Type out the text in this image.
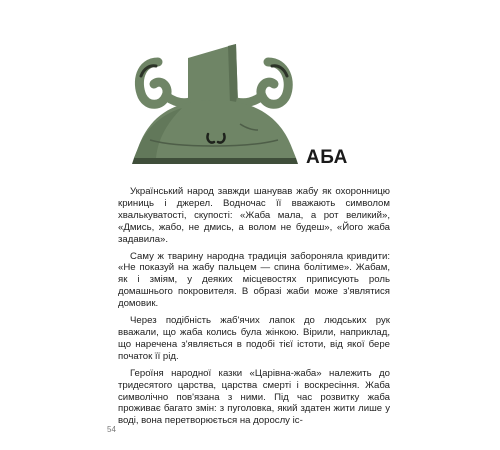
АБА

Український народ завжди шанував жабу як охоронницю криниць і джерел. Водночас її вважають символом хвалькуватості, скупості: «Жаба мала, а рот великий», «Дмись, жабо, не дмись, а волом не будеш», «Його жаба задавила».

Саму ж тварину народна традиція забороняла кривдити: «Не показуй на жабу пальцем — спина болітиме». Жабам, як і зміям, у деяких місцевостях приписують роль домашнього покровителя. В образі жаби може з'являтися домовик.

Через подібність жаб'ячих лапок до людських рук вважали, що жаба колись була жінкою. Вірили, наприклад, що наречена з'являється в подобі тієї істоти, від якої бере початок її рід.

Героїня народної казки «Царівна-жаба» належить до тридесятого царства, царства смерті і воскресіння. Жаба символічно пов'язана з ними. Під час розвитку жаба проживає багато змін: з пуголовка, який здатен жити лише у воді, вона перетворюється на дорослу іс-

54
